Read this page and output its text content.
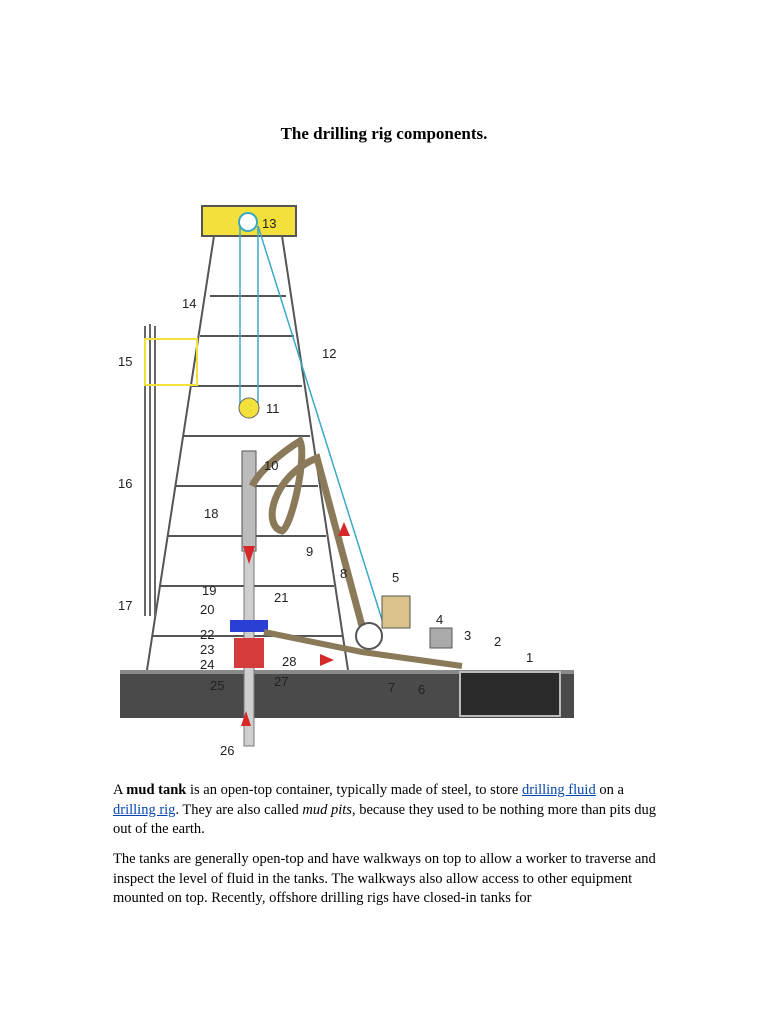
The drilling rig components.
1
2
3
4
5
6
7
8
9
10
11
12
13
14
15
16
17
18
19
20
21
22
23
24
25
26
27
28

A mud tank is an open-top container, typically made of steel, to store drilling fluid on a drilling rig. They are also called mud pits, because they used to be nothing more than pits dug out of the earth.

The tanks are generally open-top and have walkways on top to allow a worker to traverse and inspect the level of fluid in the tanks. The walkways also allow access to other equipment mounted on top. Recently, offshore drilling rigs have closed-in tanks for
